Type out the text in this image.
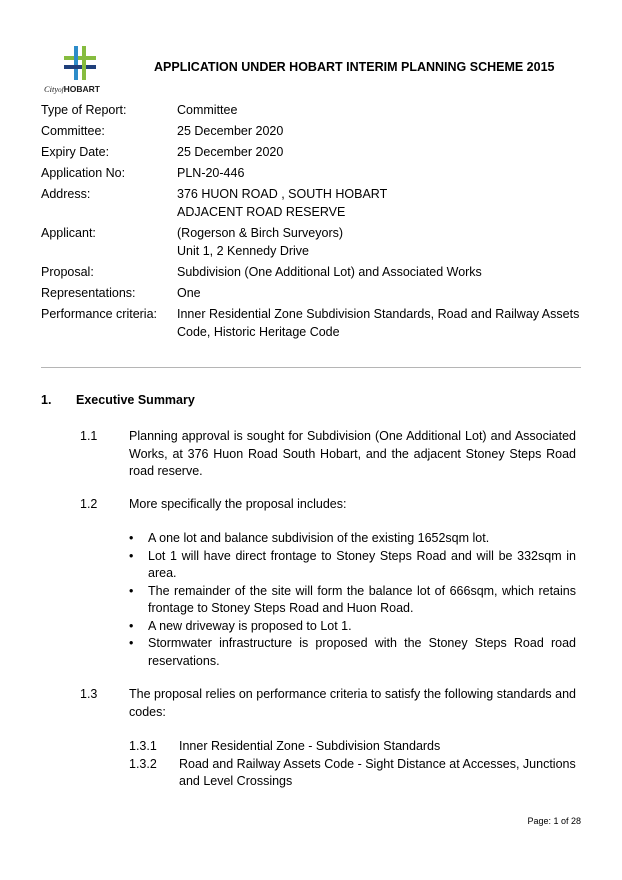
CityofHOBART
APPLICATION UNDER HOBART INTERIM PLANNING SCHEME 2015
Type of Report:	Committee
Committee:	25 December 2020
Expiry Date:	25 December 2020
Application No:	PLN-20-446
Address:	376 HUON ROAD , SOUTH HOBART
ADJACENT ROAD RESERVE
Applicant:	(Rogerson & Birch Surveyors)
Unit 1, 2 Kennedy Drive
Proposal:	Subdivision (One Additional Lot) and Associated Works
Representations:	One
Performance criteria:	Inner Residential Zone Subdivision Standards, Road and Railway Assets Code, Historic Heritage Code
1.	Executive Summary
1.1	Planning approval is sought for Subdivision (One Additional Lot) and Associated Works, at 376 Huon Road South Hobart, and the adjacent Stoney Steps Road road reserve.
1.2	More specifically the proposal includes:
• A one lot and balance subdivision of the existing 1652sqm lot.
• Lot 1 will have direct frontage to Stoney Steps Road and will be 332sqm in area.
• The remainder of the site will form the balance lot of 666sqm, which retains frontage to Stoney Steps Road and Huon Road.
• A new driveway is proposed to Lot 1.
• Stormwater infrastructure is proposed with the Stoney Steps Road road reservations.
1.3	The proposal relies on performance criteria to satisfy the following standards and codes:
1.3.1	Inner Residential Zone - Subdivision Standards
1.3.2	Road and Railway Assets Code - Sight Distance at Accesses, Junctions and Level Crossings
Page: 1 of 28
